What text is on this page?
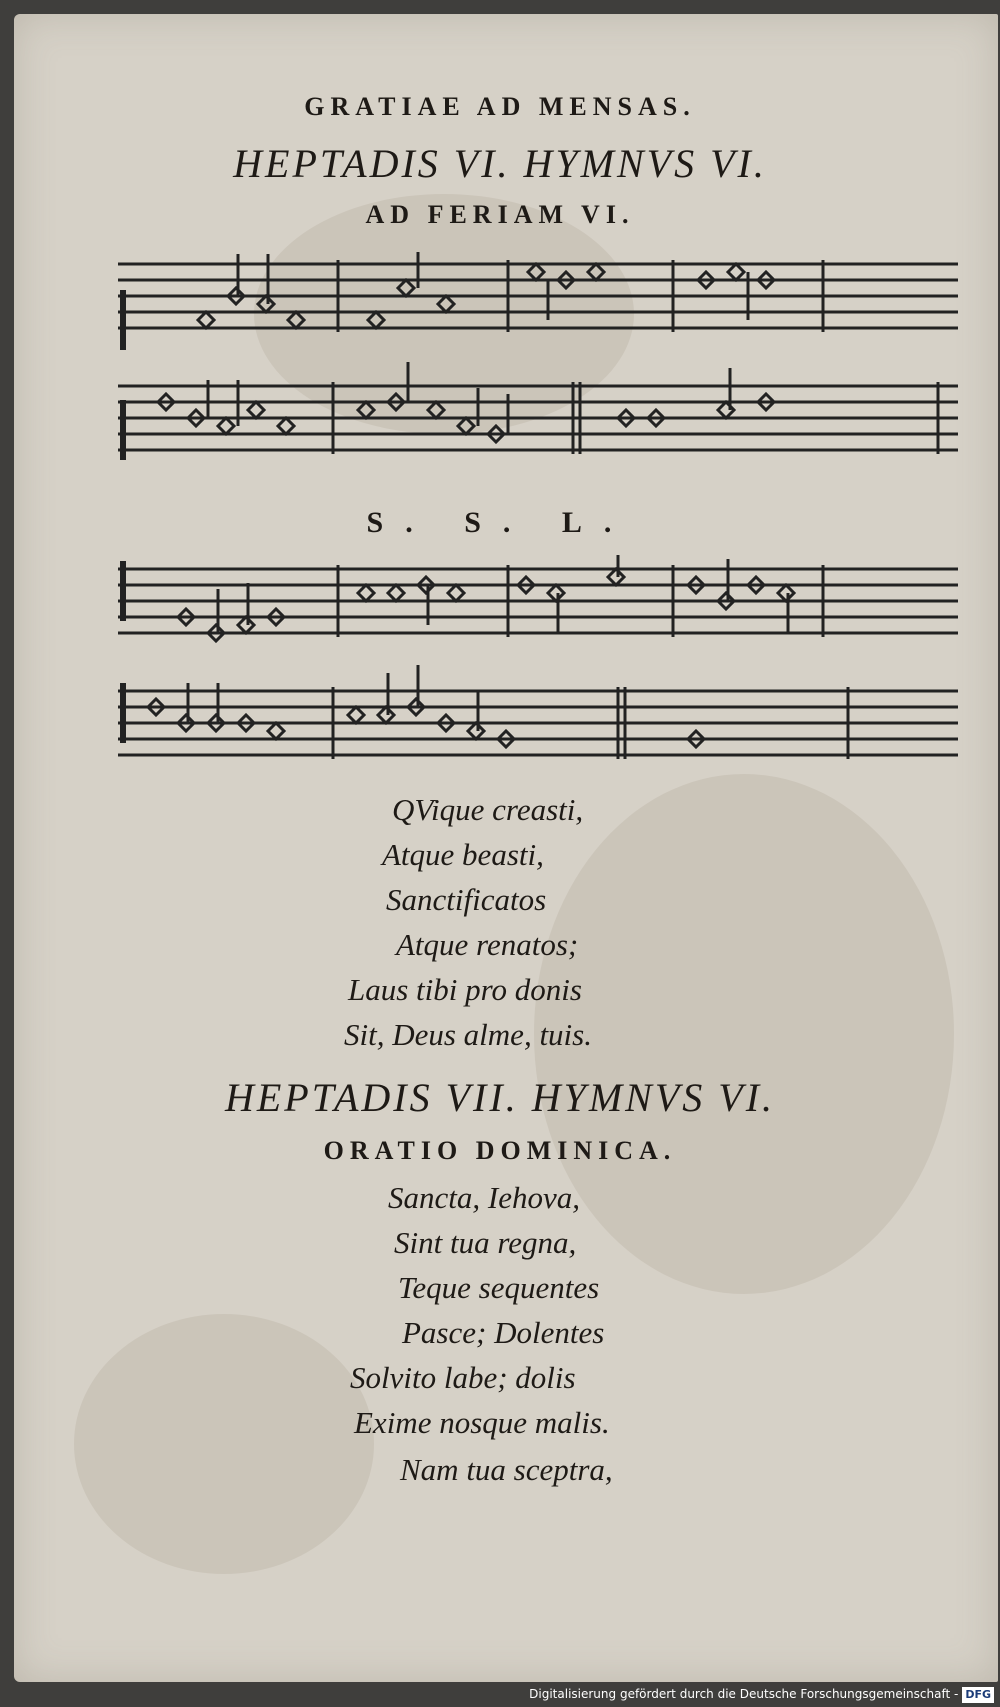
GRATIAE AD MENSAS.
HEPTADIS VI. HYMNVS VI.
AD FERIAM VI.
S. S. L.
QVique creasti,
Atque beasti,
Sanctificatos
Atque renatos;
Laus tibi pro donis
Sit, Deus alme, tuis.
HEPTADIS VII. HYMNVS VI.
ORATIO DOMINICA.
Sancta, Iehova,
Sint tua regna,
Teque sequentes
Pasce; Dolentes
Solvito labe; dolis
Exime nosque malis.
Nam tua sceptra,
Digitalisierung gefördert durch die Deutsche Forschungsgemeinschaft - DFG
